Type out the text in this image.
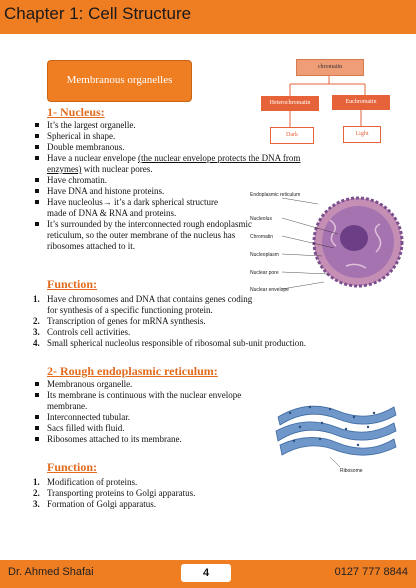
Chapter 1: Cell Structure
Membranous organelles
chromatin
Heterochromatin	Euchromatin
Dark	Light
1- Nucleus:
It’s the largest organelle.
Spherical in shape.
Double membranous.
Have a nuclear envelope (the nuclear envelope protects the DNA from enzymes) with nuclear pores.
Have chromatin.
Have DNA and histone proteins.
Have nucleolus→ it’s a dark spherical structure made of DNA & RNA and proteins.
It’s surrounded by the interconnected rough endoplasmic reticulum, so the outer membrane of the nucleus has ribosomes attached to it.
Endoplasmic reticulum
Nucleolus
Chromatin
Nucleoplasm
Nuclear pore
Nuclear envelope
Function:
1. Have chromosomes and DNA that contains genes coding for synthesis of a specific functioning protein.
2. Transcription of genes for mRNA synthesis.
3. Controls cell activities.
4. Small spherical nucleolus responsible of ribosomal sub-unit production.
2- Rough endoplasmic reticulum:
Membranous organelle.
Its membrane is continuous with the nuclear envelope membrane.
Interconnected tubular.
Sacs filled with fluid.
Ribosomes attached to its membrane.
Ribosome
Function:
1. Modification of proteins.
2. Transporting proteins to Golgi apparatus.
3. Formation of Golgi apparatus.
Dr. Ahmed Shafai	4	0127 777 8844
